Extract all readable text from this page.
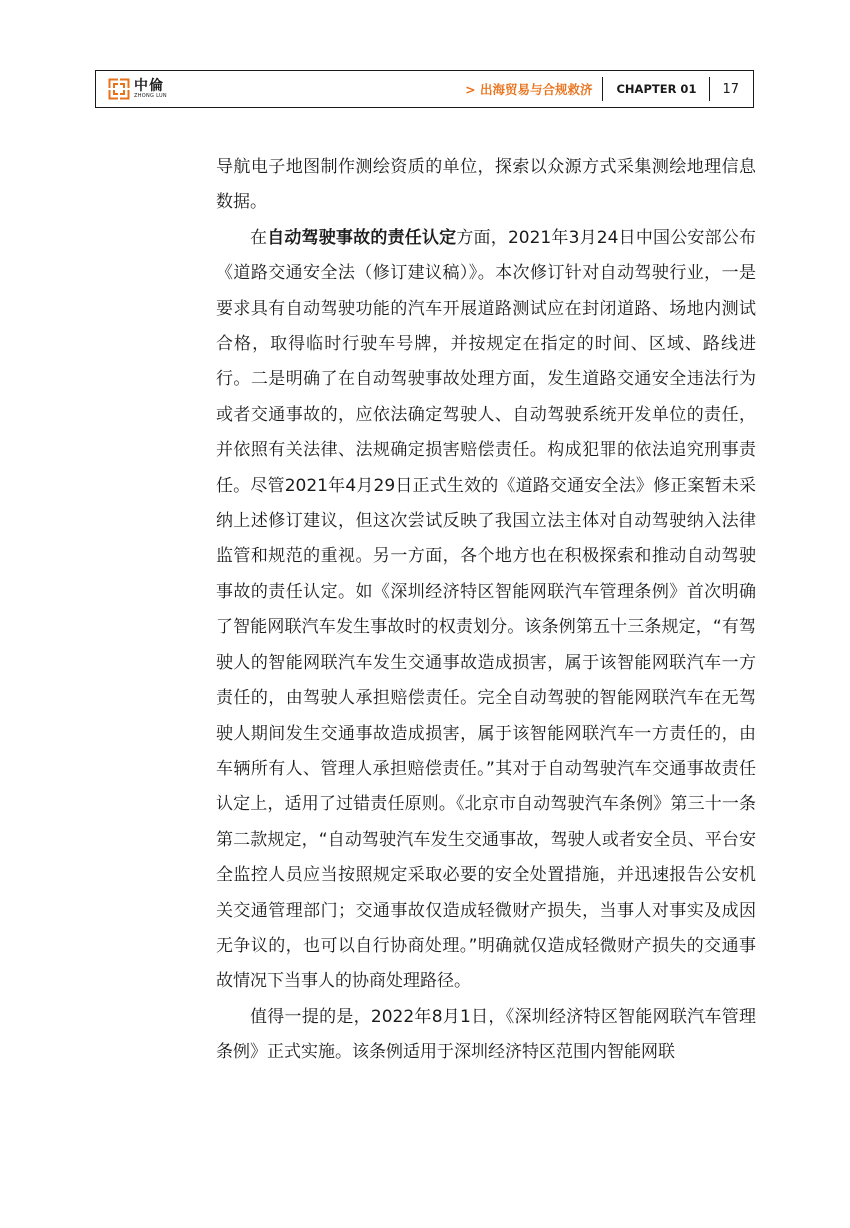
中倫
ZHONG LUN	> 出海贸易与合规救济	CHAPTER 01	17

导航电子地图制作测绘资质的单位，探索以众源方式采集测绘地理信息数据。

在自动驾驶事故的责任认定方面，2021年3月24日中国公安部公布《道路交通安全法（修订建议稿）》。本次修订针对自动驾驶行业，一是要求具有自动驾驶功能的汽车开展道路测试应在封闭道路、场地内测试合格，取得临时行驶车号牌，并按规定在指定的时间、区域、路线进行。二是明确了在自动驾驶事故处理方面，发生道路交通安全违法行为或者交通事故的，应依法确定驾驶人、自动驾驶系统开发单位的责任，并依照有关法律、法规确定损害赔偿责任。构成犯罪的依法追究刑事责任。尽管2021年4月29日正式生效的《道路交通安全法》修正案暂未采纳上述修订建议，但这次尝试反映了我国立法主体对自动驾驶纳入法律监管和规范的重视。另一方面，各个地方也在积极探索和推动自动驾驶事故的责任认定。如《深圳经济特区智能网联汽车管理条例》首次明确了智能网联汽车发生事故时的权责划分。该条例第五十三条规定，“有驾驶人的智能网联汽车发生交通事故造成损害，属于该智能网联汽车一方责任的，由驾驶人承担赔偿责任。完全自动驾驶的智能网联汽车在无驾驶人期间发生交通事故造成损害，属于该智能网联汽车一方责任的，由车辆所有人、管理人承担赔偿责任。”其对于自动驾驶汽车交通事故责任认定上，适用了过错责任原则。《北京市自动驾驶汽车条例》第三十一条第二款规定，“自动驾驶汽车发生交通事故，驾驶人或者安全员、平台安全监控人员应当按照规定采取必要的安全处置措施，并迅速报告公安机关交通管理部门；交通事故仅造成轻微财产损失，当事人对事实及成因无争议的，也可以自行协商处理。”明确就仅造成轻微财产损失的交通事故情况下当事人的协商处理路径。

值得一提的是，2022年8月1日，《深圳经济特区智能网联汽车管理条例》正式实施。该条例适用于深圳经济特区范围内智能网联
